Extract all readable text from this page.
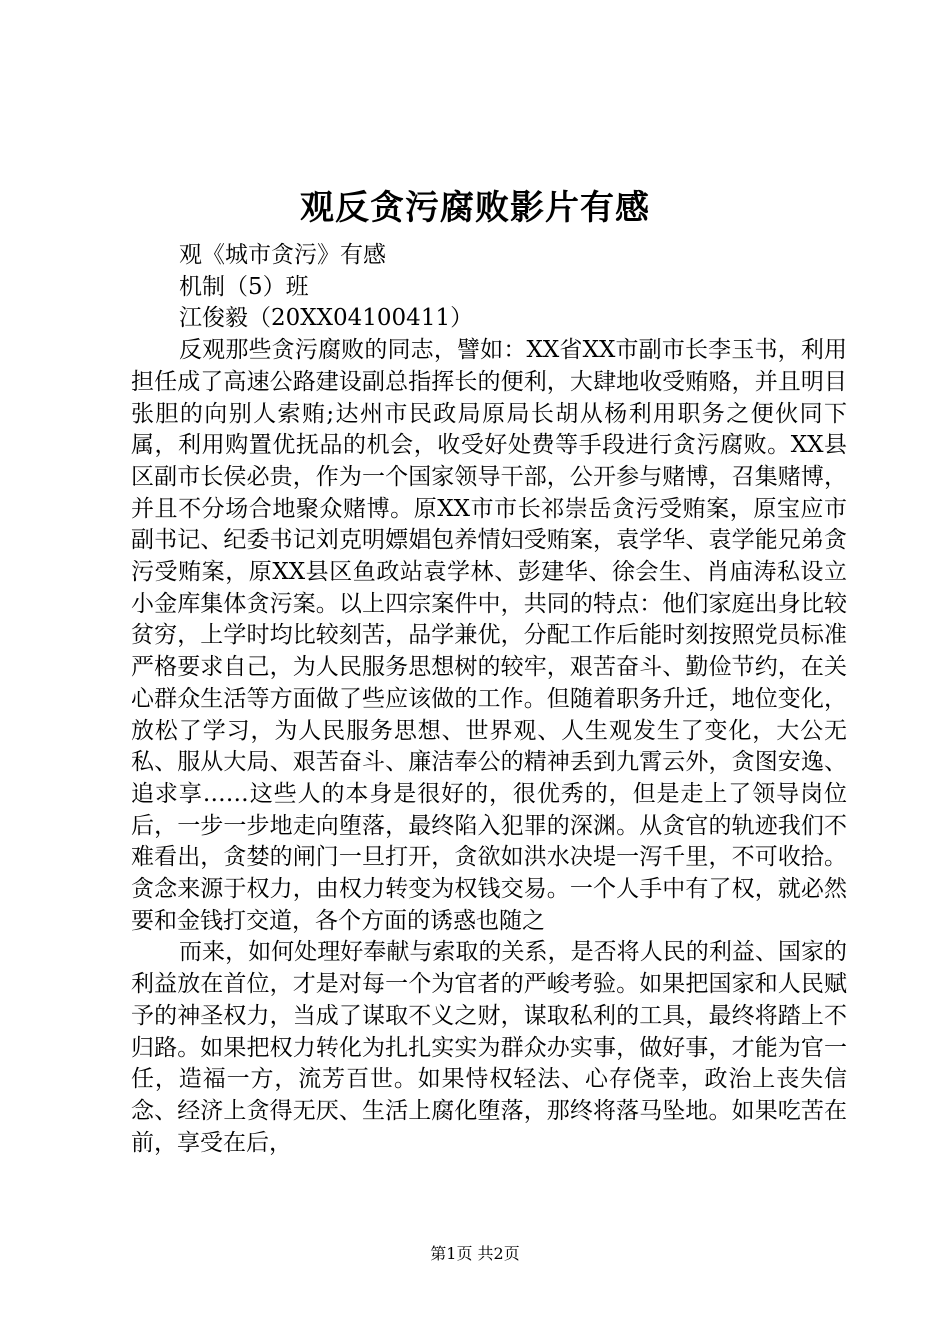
观反贪污腐败影片有感

观《城市贪污》有感

机制（5）班

江俊毅（20XX04100411）

反观那些贪污腐败的同志，譬如：XX省XX市副市长李玉书，利用担任成了高速公路建设副总指挥长的便利，大肆地收受贿赂，并且明目张胆的向别人索贿;达州市民政局原局长胡从杨利用职务之便伙同下属，利用购置优抚品的机会，收受好处费等手段进行贪污腐败。XX县区副市长侯必贵，作为一个国家领导干部，公开参与赌博，召集赌博，并且不分场合地聚众赌博。原XX市市长祁崇岳贪污受贿案，原宝应市副书记、纪委书记刘克明嫖娼包养情妇受贿案，袁学华、袁学能兄弟贪污受贿案，原XX县区鱼政站袁学林、彭建华、徐会生、肖庙涛私设立小金库集体贪污案。以上四宗案件中，共同的特点：他们家庭出身比较贫穷，上学时均比较刻苦，品学兼优，分配工作后能时刻按照党员标准严格要求自己，为人民服务思想树的较牢，艰苦奋斗、勤俭节约，在关心群众生活等方面做了些应该做的工作。但随着职务升迁，地位变化，放松了学习，为人民服务思想、世界观、人生观发生了变化，大公无私、服从大局、艰苦奋斗、廉洁奉公的精神丢到九霄云外，贪图安逸、追求享……这些人的本身是很好的，很优秀的，但是走上了领导岗位后，一步一步地走向堕落，最终陷入犯罪的深渊。从贪官的轨迹我们不难看出，贪婪的闸门一旦打开，贪欲如洪水决堤一泻千里，不可收拾。贪念来源于权力，由权力转变为权钱交易。一个人手中有了权，就必然要和金钱打交道，各个方面的诱惑也随之

而来，如何处理好奉献与索取的关系，是否将人民的利益、国家的利益放在首位，才是对每一个为官者的严峻考验。如果把国家和人民赋予的神圣权力，当成了谋取不义之财，谋取私利的工具，最终将踏上不归路。如果把权力转化为扎扎实实为群众办实事，做好事，才能为官一任，造福一方，流芳百世。如果恃权轻法、心存侥幸，政治上丧失信念、经济上贪得无厌、生活上腐化堕落，那终将落马坠地。如果吃苦在前，享受在后，

第1页 共2页
